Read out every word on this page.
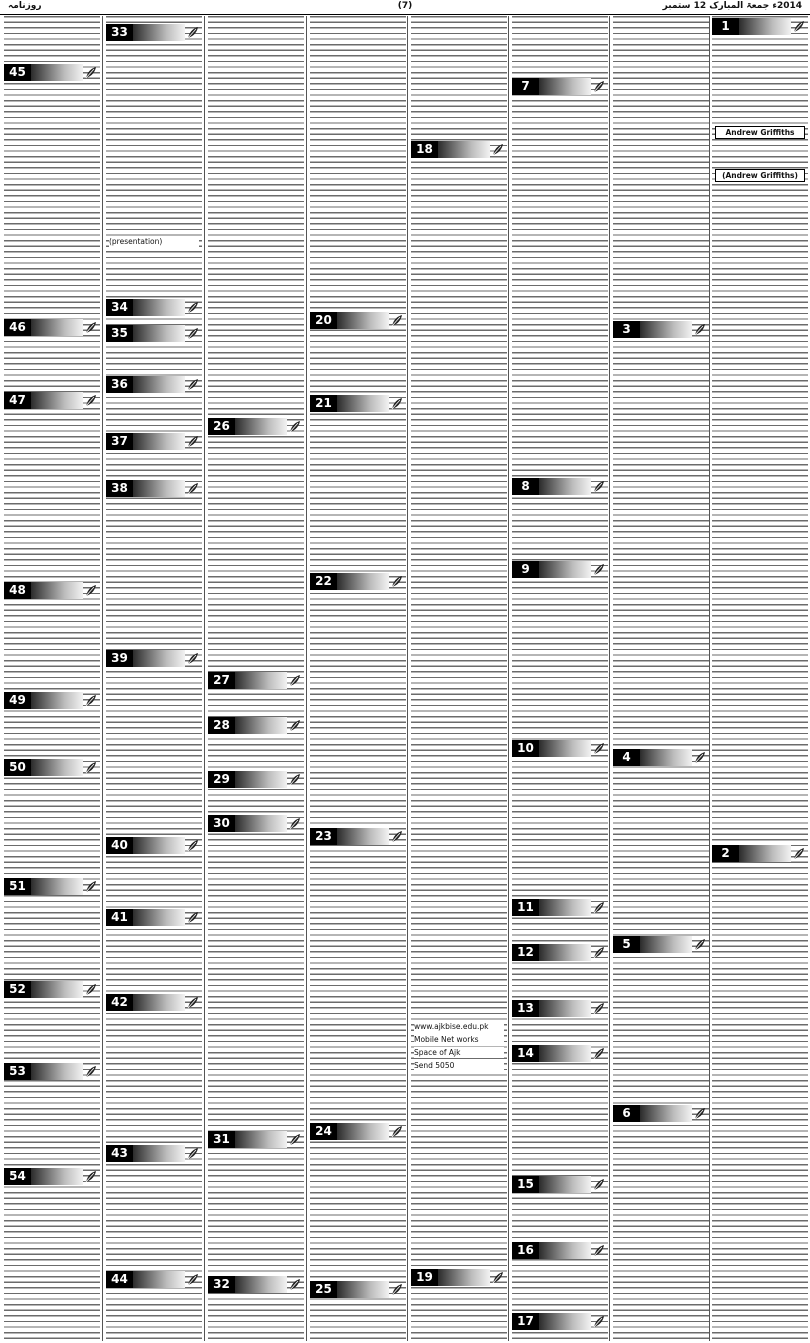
روزنامہ	(7)	2014ء جمعۃ المبارک 12 ستمبر
45
46
47
48
49
50
51
52
53
54
33
(presentation)
34
35
36
37
38
39
40
41
42
43
44
26
27
28
29
30
31
32
20
21
22
23
24
25
18
www.ajkbise.edu.pk
Mobile Net works
Space of Ajk
Send 5050
19
7
8
9
10
11
12
13
14
15
16
17
3
4
5
6
1
Andrew Griffiths
(Andrew Griffiths)
2
